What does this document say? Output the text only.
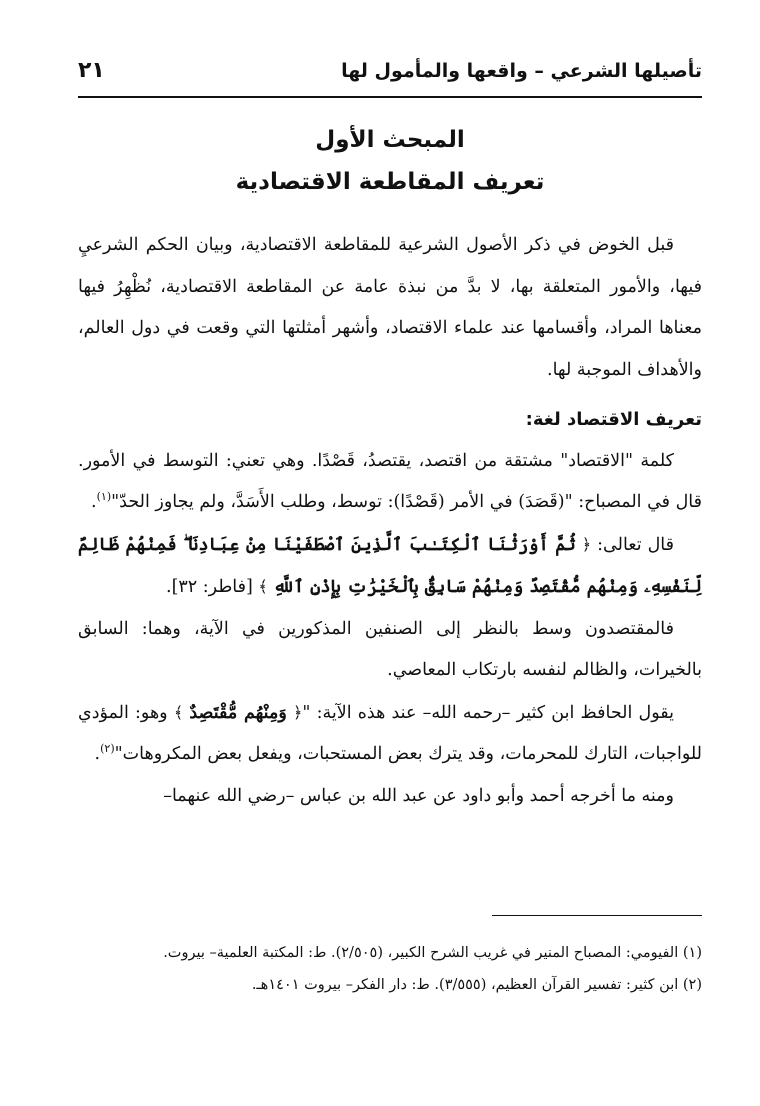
تأصيلها الشرعي – واقعها والمأمول لها
٢١
المبحث الأول
تعريف المقاطعة الاقتصادية

قبل الخوض في ذكر الأصول الشرعية للمقاطعة الاقتصادية، وبيان الحكم الشرعيِ فيها، والأمور المتعلقة بها، لا بدَّ من نبذة عامة عن المقاطعة الاقتصادية، نُظْهِرُ فيها معناها المراد، وأقسامها عند علماء الاقتصاد، وأشهر أمثلتها التي وقعت في دول العالم، والأهداف الموجبة لها.

تعريف الاقتصاد لغة:

كلمة "الاقتصاد" مشتقة من اقتصد، يقتصدُ، قَصْدًا. وهي تعني: التوسط في الأمور. قال في المصباح: "(قَصَدَ) في الأمر (قَصْدًا): توسط، وطلب الأَسَدَّ، ولم يجاوز الحدّ"$^{(١)}$.

قال تعالى: ﴿ ثُمَّ أَوْرَثْنَا ٱلْكِتَـٰبَ ٱلَّذِينَ ٱصْطَفَيْنَا مِنْ عِبَادِنَا ۖ فَمِنْهُمْ ظَالِمٌ لِّنَفْسِهِۦ وَمِنْهُم مُّقْتَصِدٌ وَمِنْهُمْ سَابِقٌۢ بِٱلْخَيْرَٰتِ بِإِذْنِ ٱللَّهِ ﴾ [فاطر: ٣٢].

فالمقتصدون وسط بالنظر إلى الصنفين المذكورين في الآية، وهما: السابق بالخيرات، والظالم لنفسه بارتكاب المعاصي.

يقول الحافظ ابن كثير –رحمه الله– عند هذه الآية: "﴿ وَمِنْهُم مُّقْتَصِدٌ ﴾ وهو: المؤدي للواجبات، التارك للمحرمات، وقد يترك بعض المستحبات، ويفعل بعض المكروهات"$^{(٢)}$.

ومنه ما أخرجه أحمد وأبو داود عن عبد الله بن عباس –رضي الله عنهما–

(١) الفيومي: المصباح المنير في غريب الشرح الكبير، (٢/٥٠٥). ط: المكتبة العلمية– بيروت.

(٢) ابن كثير: تفسير القرآن العظيم، (٣/٥٥٥). ط: دار الفكر– بيروت ١٤٠١هـ.
